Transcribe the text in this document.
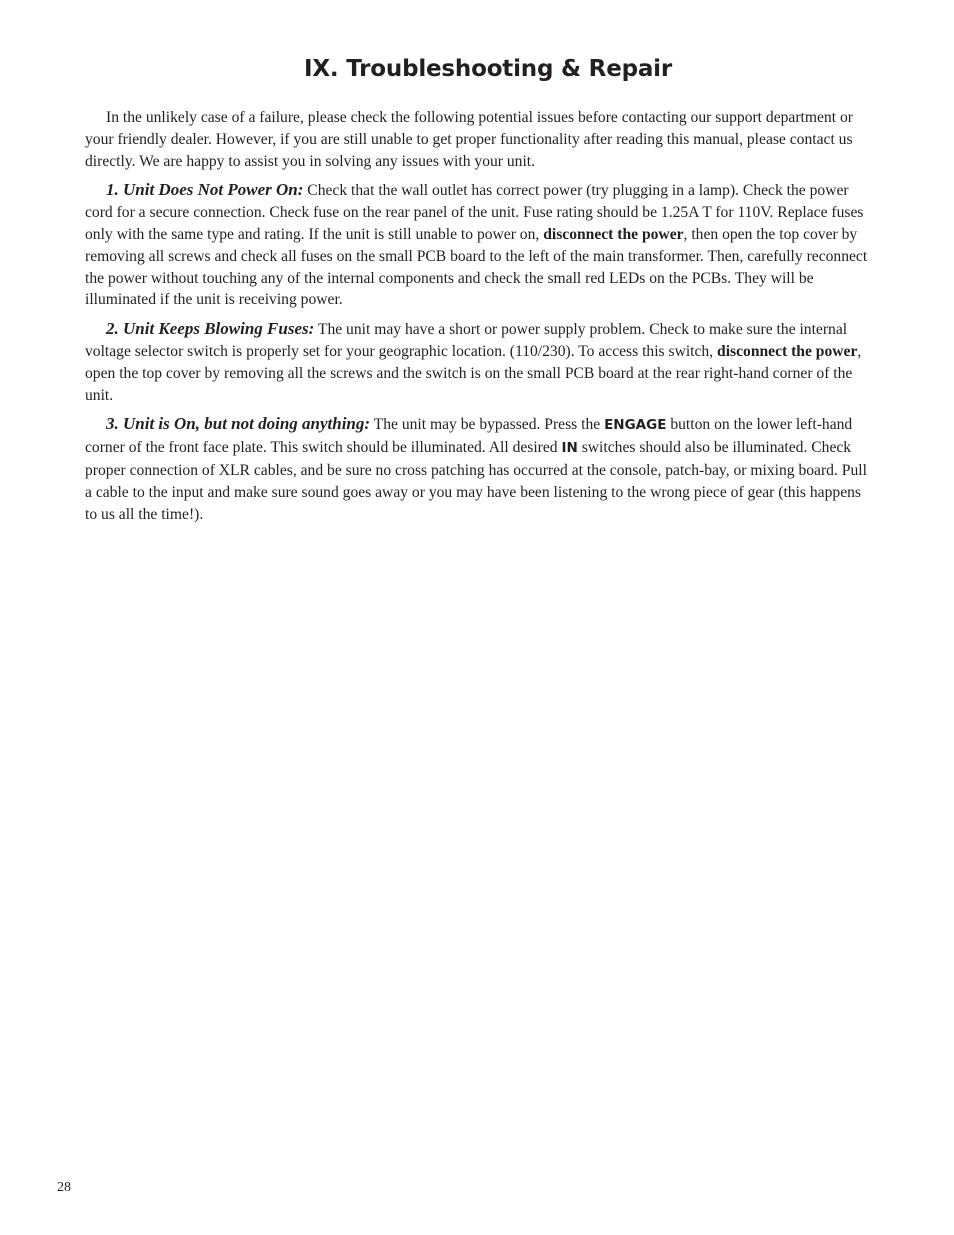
IX. Troubleshooting & Repair

In the unlikely case of a failure, please check the following potential issues before contacting our support department or your friendly dealer. However, if you are still unable to get proper functionality after reading this manual, please contact us directly. We are happy to assist you in solving any issues with your unit.

1. Unit Does Not Power On: Check that the wall outlet has correct power (try plugging in a lamp). Check the power cord for a secure connection. Check fuse on the rear panel of the unit. Fuse rating should be 1.25A T for 110V. Replace fuses only with the same type and rating. If the unit is still unable to power on, disconnect the power, then open the top cover by removing all screws and check all fuses on the small PCB board to the left of the main transformer. Then, carefully reconnect the power without touching any of the internal components and check the small red LEDs on the PCBs. They will be illuminated if the unit is receiving power.

2. Unit Keeps Blowing Fuses: The unit may have a short or power supply problem. Check to make sure the internal voltage selector switch is properly set for your geographic location. (110/230). To access this switch, disconnect the power, open the top cover by removing all the screws and the switch is on the small PCB board at the rear right-hand corner of the unit.

3. Unit is On, but not doing anything: The unit may be bypassed. Press the ENGAGE button on the lower left-hand corner of the front face plate. This switch should be illuminated. All desired IN switches should also be illuminated. Check proper connection of XLR cables, and be sure no cross patching has occurred at the console, patch-bay, or mixing board. Pull a cable to the input and make sure sound goes away or you may have been listening to the wrong piece of gear (this happens to us all the time!).

28
